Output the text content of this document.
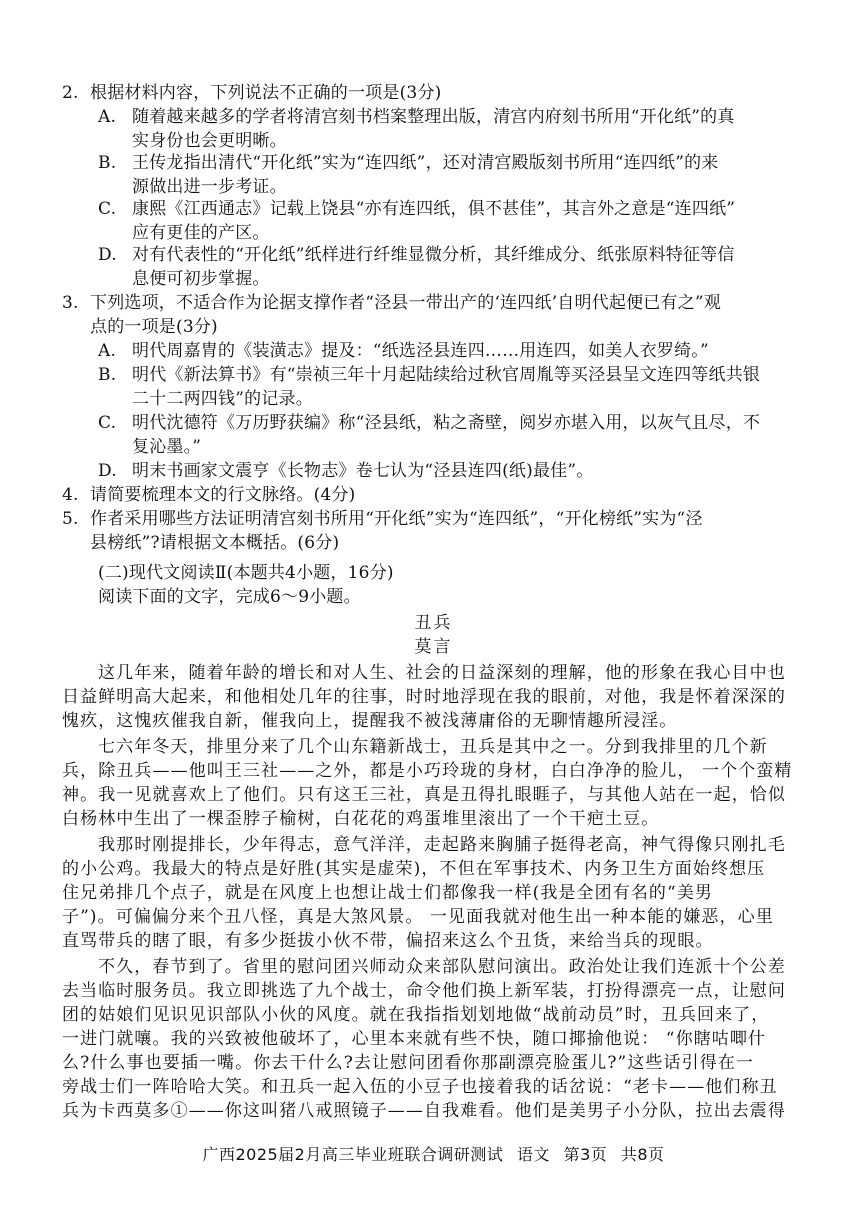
2. 根据材料内容，下列说法不正确的一项是(3分)
A. 随着越来越多的学者将清宫刻书档案整理出版，清宫内府刻书所用“开化纸”的真
实身份也会更明晰。
B. 王传龙指出清代“开化纸”实为“连四纸”，还对清宫殿版刻书所用“连四纸”的来
源做出进一步考证。
C. 康熙《江西通志》记载上饶县“亦有连四纸，俱不甚佳”，其言外之意是“连四纸”
应有更佳的产区。
D. 对有代表性的“开化纸”纸样进行纤维显微分析，其纤维成分、纸张原料特征等信
息便可初步掌握。
3. 下列选项，不适合作为论据支撑作者“泾县一带出产的‘连四纸’自明代起便已有之”观
点的一项是(3分)
A. 明代周嘉胄的《装潢志》提及：“纸选泾县连四……用连四，如美人衣罗绮。”
B. 明代《新法算书》有“崇祯三年十月起陆续给过秋官周胤等买泾县呈文连四等纸共银
二十二两四钱”的记录。
C. 明代沈德符《万历野获编》称“泾县纸，粘之斋壁，阅岁亦堪入用，以灰气且尽，不
复沁墨。”
D. 明末书画家文震亨《长物志》卷七认为“泾县连四(纸)最佳”。
4. 请简要梳理本文的行文脉络。(4分)
5. 作者采用哪些方法证明清宫刻书所用“开化纸”实为“连四纸”，“开化榜纸”实为“泾
县榜纸”?请根据文本概括。(6分)
(二)现代文阅读Ⅱ(本题共4小题，16分)
阅读下面的文字，完成6～9小题。
丑兵
莫言
这几年来，随着年龄的增长和对人生、社会的日益深刻的理解，他的形象在我心目中也
日益鲜明高大起来，和他相处几年的往事，时时地浮现在我的眼前，对他，我是怀着深深的
愧疚，这愧疚催我自新，催我向上，提醒我不被浅薄庸俗的无聊情趣所浸淫。
七六年冬天，排里分来了几个山东籍新战士，丑兵是其中之一。分到我排里的几个新
兵，除丑兵——他叫王三社——之外，都是小巧玲珑的身材，白白净净的脸儿， 一个个蛮精
神。我一见就喜欢上了他们。只有这王三社，真是丑得扎眼睚子，与其他人站在一起，恰似
白杨林中生出了一棵歪脖子榆树，白花花的鸡蛋堆里滚出了一个干疤土豆。
我那时刚提排长，少年得志，意气洋洋，走起路来胸脯子挺得老高，神气得像只刚扎毛
的小公鸡。我最大的特点是好胜(其实是虚荣)，不但在军事技术、内务卫生方面始终想压
住兄弟排几个点子，就是在风度上也想让战士们都像我一样(我是全团有名的“美男
子”)。可偏偏分来个丑八怪，真是大煞风景。 一见面我就对他生出一种本能的嫌恶，心里
直骂带兵的瞎了眼，有多少挺拔小伙不带，偏招来这么个丑货，来给当兵的现眼。
不久，春节到了。省里的慰问团兴师动众来部队慰问演出。政治处让我们连派十个公差
去当临时服务员。我立即挑选了九个战士，命令他们换上新军装，打扮得漂亮一点，让慰问
团的姑娘们见识见识部队小伙的风度。就在我指指划划地做“战前动员”时，丑兵回来了，
一进门就嚷。我的兴致被他破坏了，心里本来就有些不快，随口揶揄他说： “你瞎咕唧什
么?什么事也要插一嘴。你去干什么?去让慰问团看你那副漂亮脸蛋儿?”这些话引得在一
旁战士们一阵哈哈大笑。和丑兵一起入伍的小豆子也接着我的话岔说：“老卡——他们称丑
兵为卡西莫多①——你这叫猪八戒照镜子——自我难看。他们是美男子小分队，拉出去震得
广西2025届2月高三毕业班联合调研测试 语文 第3页 共8页
